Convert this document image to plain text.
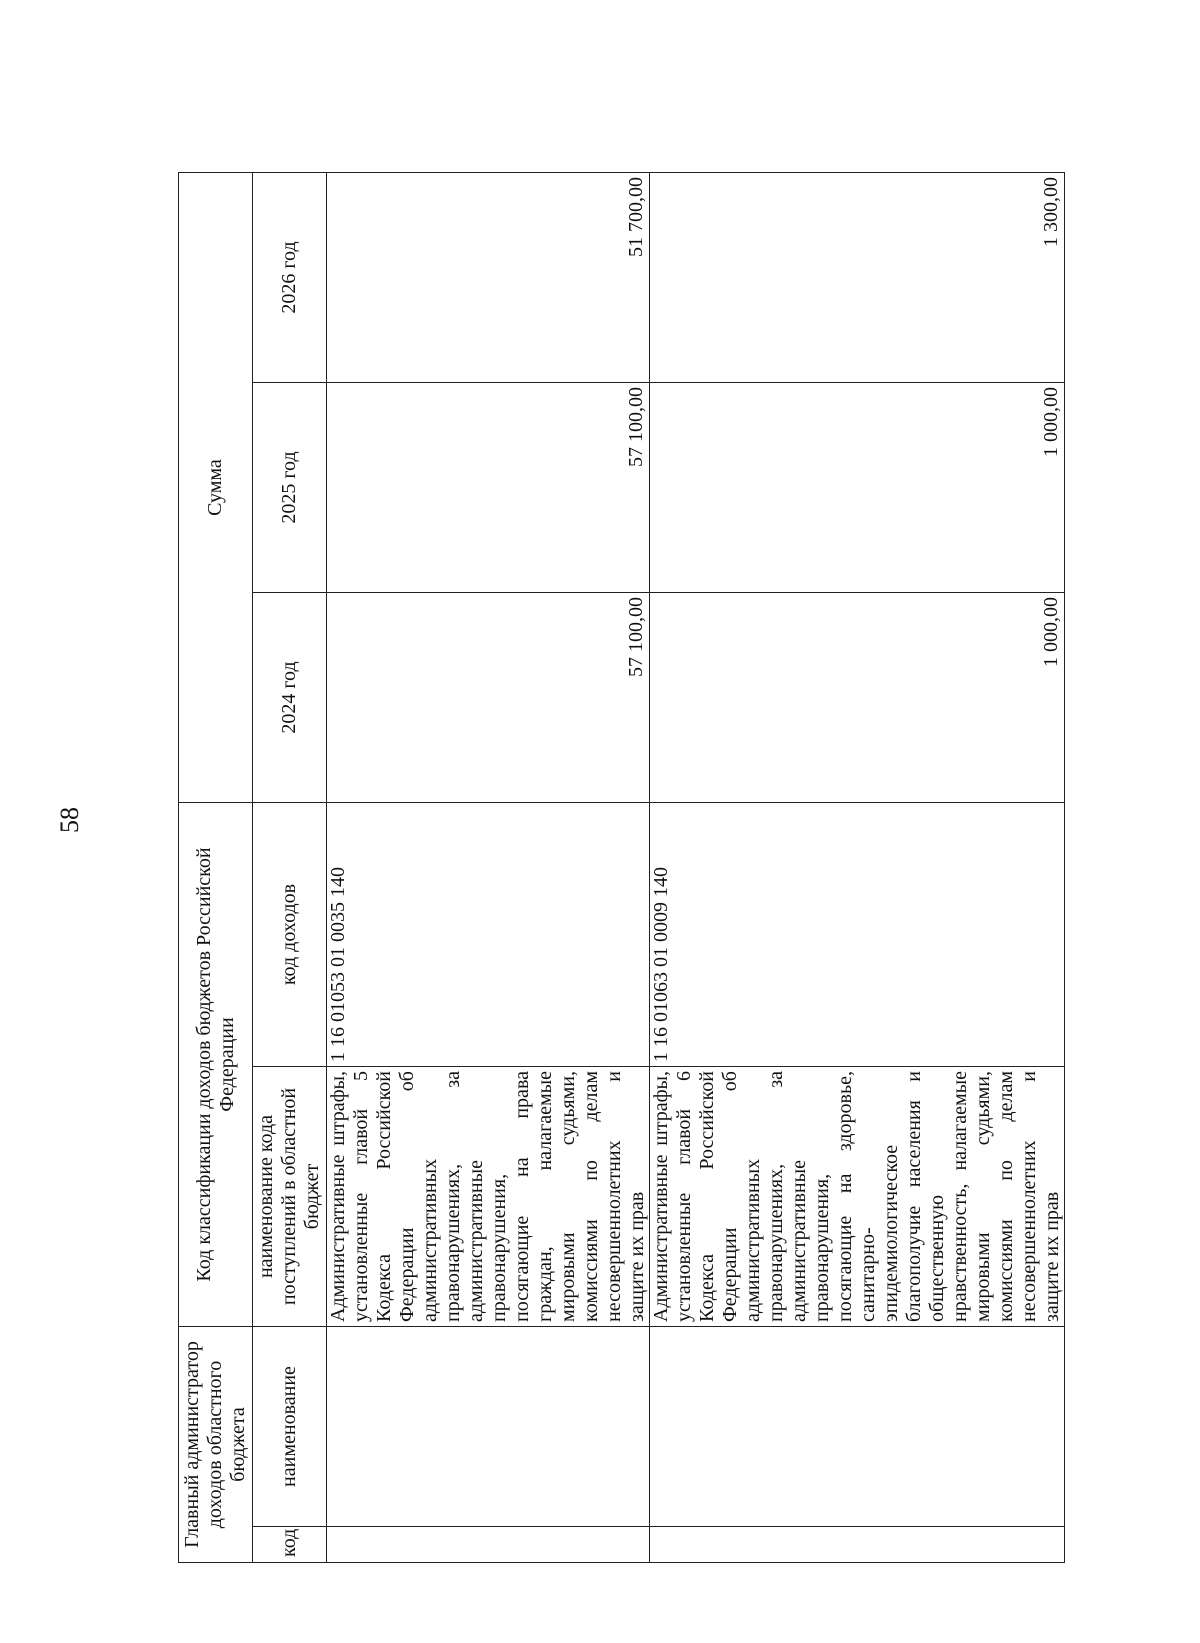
58
Главный администратор доходов областного бюджета		Код классификации доходов бюджетов Российской Федерации		Сумма		
код	наименование	наименование кода поступлений в областной бюджет	код доходов	2024 год	2025 год	2026 год
		Административные штрафы, установленные главой 5 Кодекса Российской Федерации об административных правонарушениях, за административные правонарушения, посягающие на права граждан, налагаемые мировыми судьями, комиссиями по делам несовершеннолетних и защите их прав	1 16 01053 01 0035 140	57 100,00	57 100,00	51 700,00
		Административные штрафы, установленные главой 6 Кодекса Российской Федерации об административных правонарушениях, за административные правонарушения, посягающие на здоровье, санитарно-эпидемиологическое благополучие населения и общественную нравственность, налагаемые мировыми судьями, комиссиями по делам несовершеннолетних и защите их прав	1 16 01063 01 0009 140	1 000,00	1 000,00	1 300,00
